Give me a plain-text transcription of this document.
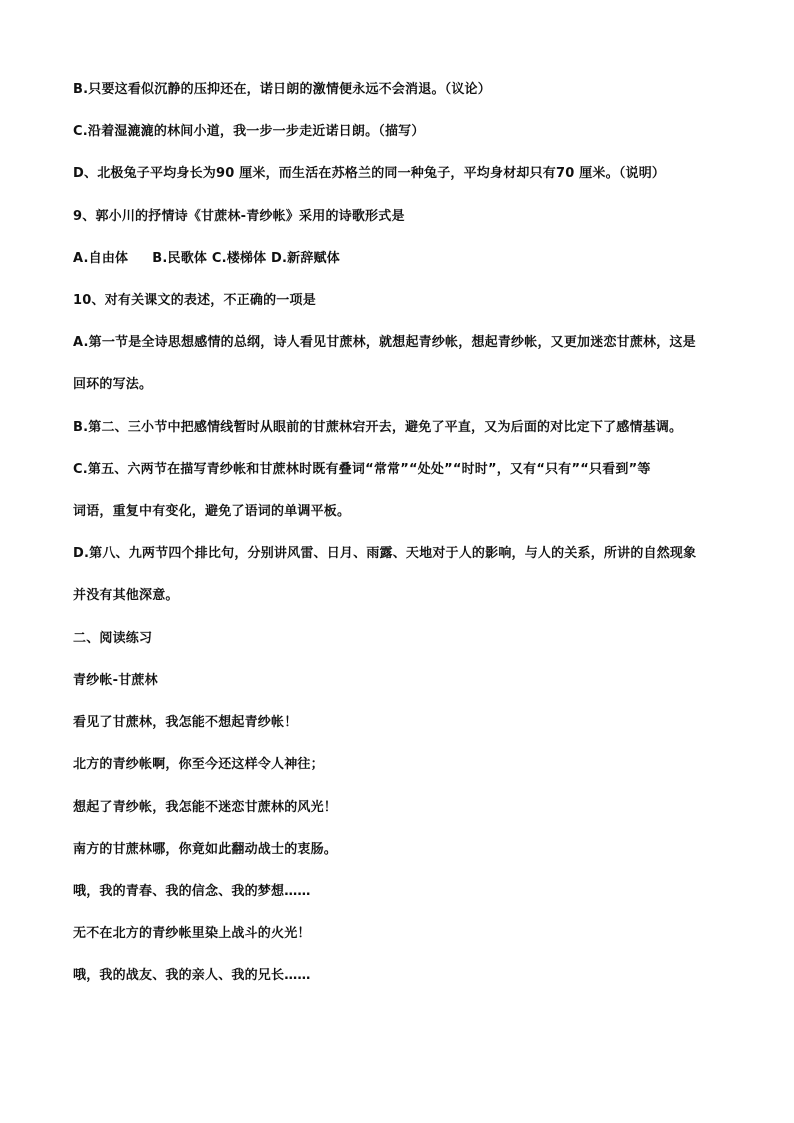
B.只要这看似沉静的压抑还在，诺日朗的激情便永远不会消退。（议论）
C.沿着湿漉漉的林间小道，我一步一步走近诺日朗。（描写）
D、北极兔子平均身长为90 厘米，而生活在苏格兰的同一种兔子，平均身材却只有70 厘米。（说明）
9、郭小川的抒情诗《甘蔗林-青纱帐》采用的诗歌形式是
A.自由体 B.民歌体 C.楼梯体 D.新辞赋体
10、对有关课文的表述，不正确的一项是
A.第一节是全诗思想感情的总纲，诗人看见甘蔗林，就想起青纱帐，想起青纱帐，又更加迷恋甘蔗林，这是
回环的写法。
B.第二、三小节中把感情线暂时从眼前的甘蔗林宕开去，避免了平直，又为后面的对比定下了感情基调。
C.第五、六两节在描写青纱帐和甘蔗林时既有叠词“常常”“处处”“时时”，又有“只有”“只看到”等
词语，重复中有变化，避免了语词的单调平板。
D.第八、九两节四个排比句，分别讲风雷、日月、雨露、天地对于人的影响，与人的关系，所讲的自然现象
并没有其他深意。
二、阅读练习
青纱帐-甘蔗林
看见了甘蔗林，我怎能不想起青纱帐！
北方的青纱帐啊，你至今还这样令人神往；
想起了青纱帐，我怎能不迷恋甘蔗林的风光！
南方的甘蔗林哪，你竟如此翻动战士的衷肠。
哦，我的青春、我的信念、我的梦想……
无不在北方的青纱帐里染上战斗的火光！
哦，我的战友、我的亲人、我的兄长……
